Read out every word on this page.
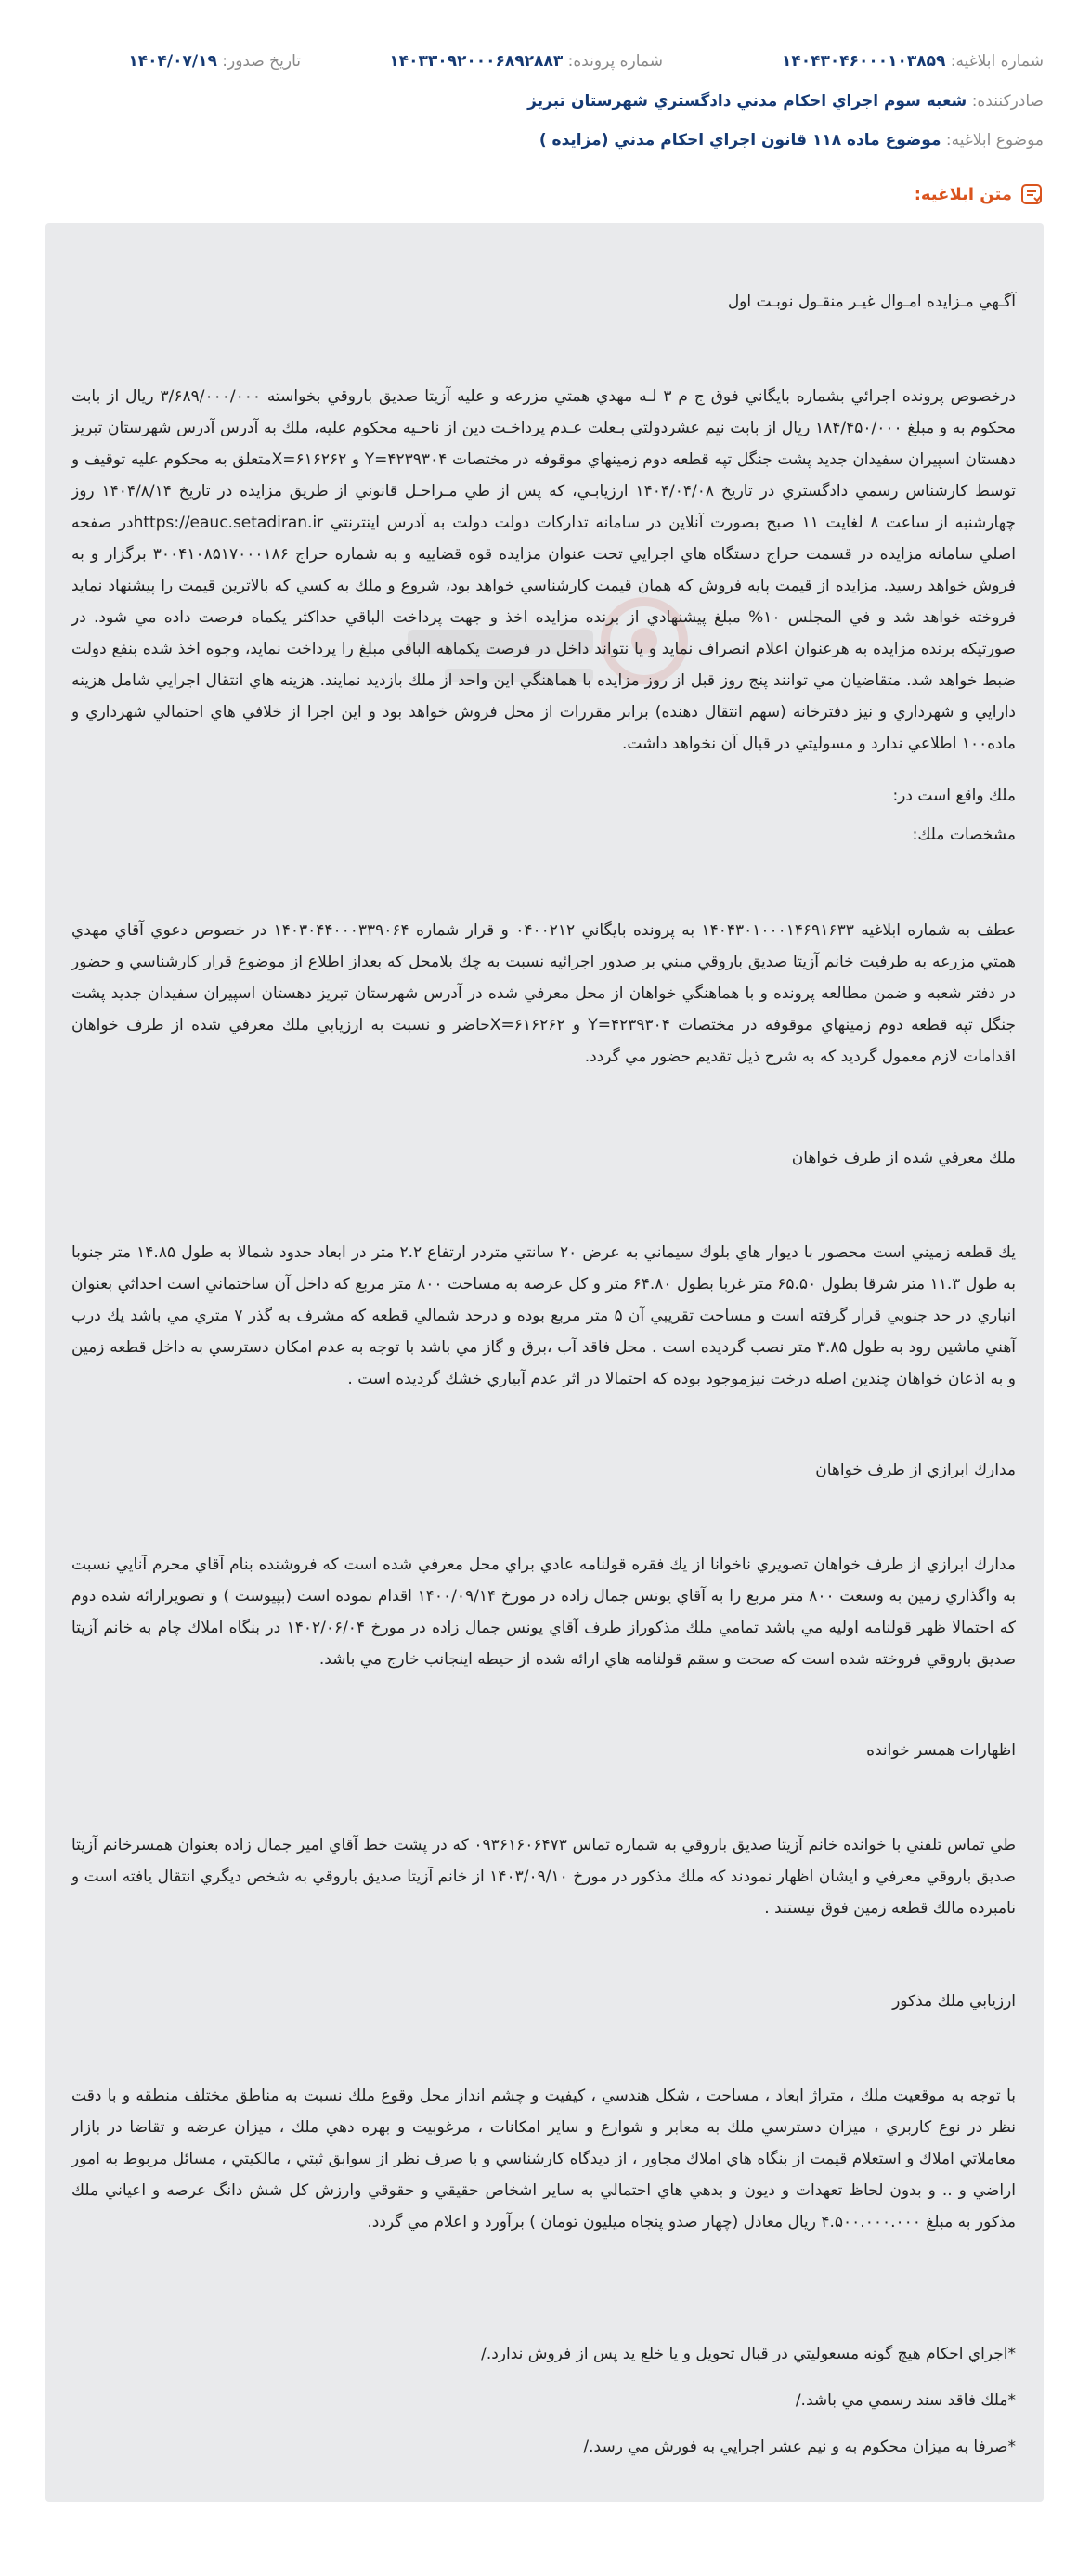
شماره ابلاغيه: ۱۴۰۴۳۰۴۶۰۰۰۱۰۳۸۵۹
شماره پرونده: ۱۴۰۳۳۰۹۲۰۰۰۶۸۹۲۸۸۳
تاريخ صدور: ۱۴۰۴/۰۷/۱۹
صادرکننده: شعبه سوم اجراي احكام مدني دادگستري شهرستان تبريز
موضوع ابلاغيه: موضوع ماده ۱۱۸ قانون اجراي احكام مدني (مزايده )
متن ابلاغيه:
آگـهي مـزايده امـوال غيـر منقـول نوبـت اول
درخصوص پرونده اجرائي بشماره بايگاني فوق ج م ۳ لـه مهدي همتي مزرعه و عليه آزيتا صديق باروقي بخواسته ۳/۶۸۹/۰۰۰/۰۰۰ ريال از بابت محكوم به و مبلغ ۱۸۴/۴۵۰/۰۰۰ ريال از بابت نيم عشردولتي بـعلت عـدم پرداخـت دين از ناحـيه محكوم عليه، ملك به آدرس آدرس شهرستان تبريز دهستان اسپيران سفيدان جديد پشت جنگل تپه قطعه دوم زمينهاي موقوفه در مختصات ۴۲۳۹۳۰۴=Y و ۶۱۶۲۶۲=Xمتعلق به محكوم عليه توقيف و توسط كارشناس رسمي دادگستري در تاريخ ۱۴۰۴/۰۴/۰۸ ارزيابـي، كه پس از طي مـراحـل قانوني از طريق مزايده در تاريخ ۱۴۰۴/۸/۱۴ روز چهارشنبه از ساعت ۸ لغايت ۱۱ صبح بصورت آنلاين در سامانه تداركات دولت دولت به آدرس اينترنتي https://eauc.setadiran.irدر صفحه اصلي سامانه مزايده در قسمت حراج دستگاه هاي اجرايي تحت عنوان مزايده قوه قضاييه و به شماره حراج ۳۰۰۴۱۰۸۵۱۷۰۰۰۱۸۶ برگزار و به فروش خواهد رسيد. مزايده از قيمت پايه فروش كه همان قيمت كارشناسي خواهد بود، شروع و ملك به كسي كه بالاترين قيمت را پيشنهاد نمايد فروخته خواهد شد و في المجلس ۱۰% مبلغ پيشنهادي از برنده مزايده اخذ و جهت پرداخت الباقي حداكثر يكماه فرصت داده مي شود. در صورتيكه برنده مزايده به هرعنوان اعلام انصراف نمايد و يا نتواند داخل در فرصت يكماهه الباقي مبلغ را پرداخت نمايد، وجوه اخذ شده بنفع دولت ضبط خواهد شد. متقاضيان مي توانند پنج روز قبل از روز مزايده با هماهنگي اين واحد از ملك بازديد نمايند. هزينه هاي انتقال اجرايي شامل هزينه دارايي و شهرداري و نيز دفترخانه (سهم انتقال دهنده) برابر مقررات از محل فروش خواهد بود و اين اجرا از خلافي هاي احتمالي شهرداري و ماده۱۰۰ اطلاعي ندارد و مسوليتي در قبال آن نخواهد داشت.
ملك واقع است در:
مشخصات ملك:
عطف به شماره ابلاغيه ۱۴۰۴۳۰۱۰۰۰۱۴۶۹۱۶۳۳ به پرونده بايگاني ۰۴۰۰۲۱۲ و قرار شماره ۱۴۰۳۰۴۴۰۰۰۳۳۹۰۶۴ در خصوص دعوي آقاي مهدي همتي مزرعه به طرفيت خانم آزيتا صديق باروقي مبني بر صدور اجرائيه نسبت به چك بلامحل كه بعداز اطلاع از موضوع قرار كارشناسي و حضور در دفتر شعبه و ضمن مطالعه پرونده و با هماهنگي خواهان از محل معرفي شده در آدرس شهرستان تبريز دهستان اسپيران سفيدان جديد پشت جنگل تپه قطعه دوم زمينهاي موقوفه در مختصات ۴۲۳۹۳۰۴=Y و ۶۱۶۲۶۲=Xحاضر و نسبت به ارزيابي ملك معرفي شده از طرف خواهان اقدامات لازم معمول گرديد كه به شرح ذيل تقديم حضور مي گردد.
ملك معرفي شده از طرف خواهان
يك قطعه زميني است محصور با ديوار هاي بلوك سيماني به عرض ۲۰ سانتي متردر ارتفاع ۲.۲ متر در ابعاد حدود شمالا به طول ۱۴.۸۵ متر جنوبا به طول ۱۱.۳ متر شرقا بطول ۶۵.۵۰ متر غربا بطول ۶۴.۸۰ متر و كل عرصه به مساحت ۸۰۰ متر مربع كه داخل آن ساختماني است احداثي بعنوان انباري در حد جنوبي قرار گرفته است و مساحت تقريبي آن ۵ متر مربع بوده و درحد شمالي قطعه كه مشرف به گذر ۷ متري مي باشد يك درب آهني ماشين رود به طول ۳.۸۵ متر نصب گرديده است . محل فاقد آب ،برق و گاز مي باشد با توجه به عدم امكان دسترسي به داخل قطعه زمين و به اذعان خواهان چندين اصله درخت نيزموجود بوده كه احتمالا در اثر عدم آبياري خشك گرديده است .
مدارك ابرازي از طرف خواهان
مدارك ابرازي از طرف خواهان تصويري ناخوانا از يك فقره قولنامه عادي براي محل معرفي شده است كه فروشنده بنام آقاي محرم آنايي نسبت به واگذاري زمين به وسعت ۸۰۰ متر مربع را به آقاي يونس جمال زاده در مورخ ۱۴۰۰/۰۹/۱۴ اقدام نموده است (بپيوست ) و تصويرارائه شده دوم كه احتمالا ظهر قولنامه اوليه مي باشد تمامي ملك مذكوراز طرف آقاي يونس جمال زاده در مورخ ۱۴۰۲/۰۶/۰۴ در بنگاه املاك چام به خانم آزيتا صديق باروقي فروخته شده است كه صحت و سقم قولنامه هاي ارائه شده از حيطه اينجانب خارج مي باشد.
اظهارات همسر خوانده
طي تماس تلفني با خوانده خانم آزيتا صديق باروقي به شماره تماس ۰۹۳۶۱۶۰۶۴۷۳ كه در پشت خط آقاي امير جمال زاده بعنوان همسرخانم آزيتا صديق باروقي معرفي و ايشان اظهار نمودند كه ملك مذكور در مورخ ۱۴۰۳/۰۹/۱۰ از خانم آزيتا صديق باروقي به شخص ديگري انتقال يافته است و نامبرده مالك قطعه زمين فوق نيستند .
ارزيابي ملك مذكور
با توجه به موقعيت ملك ، متراژ ابعاد ، مساحت ، شكل هندسي ، كيفيت و چشم انداز محل وقوع ملك نسبت به مناطق مختلف منطقه و با دقت نظر در نوع كاربري ، ميزان دسترسي ملك به معابر و شوارع و ساير امكانات ، مرغوبيت و بهره دهي ملك ، ميزان عرضه و تقاضا در بازار معاملاتي املاك و استعلام قيمت از بنگاه هاي املاك مجاور ، از ديدگاه كارشناسي و با صرف نظر از سوابق ثبتي ، مالكيتي ، مسائل مربوط به امور اراضي و .. و بدون لحاظ تعهدات و ديون و بدهي هاي احتمالي به ساير اشخاص حقيقي و حقوقي وارزش كل شش دانگ عرصه و اعياني ملك مذكور به مبلغ ۴.۵۰۰.۰۰۰.۰۰۰ ريال معادل (چهار صدو پنجاه ميليون تومان ) برآورد و اعلام مي گردد.
*اجراي احكام هيچ گونه مسعوليتي در قبال تحويل و يا خلع يد پس از فروش ندارد./
*ملك فاقد سند رسمي مي باشد./
*صرفا به ميزان محكوم به و نيم عشر اجرايي به فورش مي رسد./
